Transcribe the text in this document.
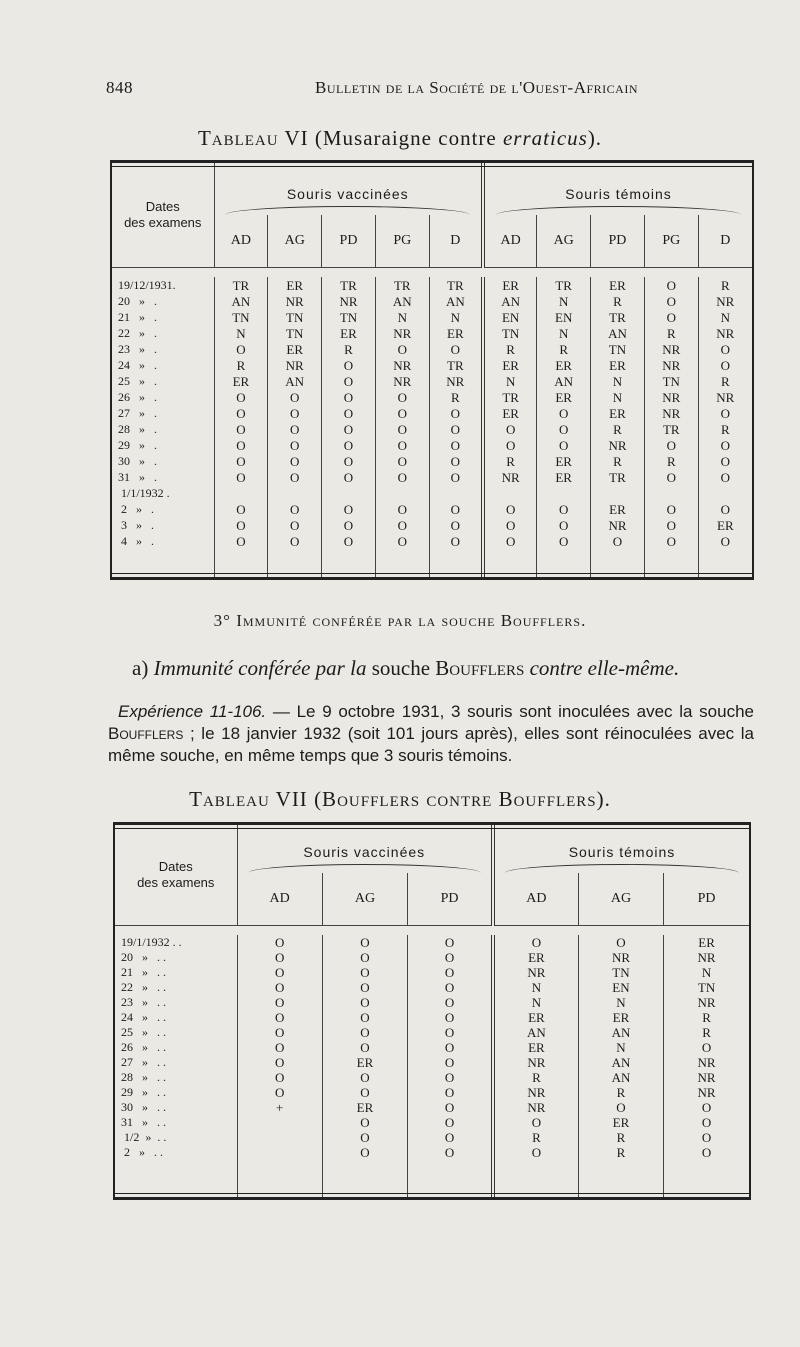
848	Bulletin de la Société de l'Ouest-Africain
Tableau VI (Musaraigne contre erraticus).
Dates
des examens	Souris vaccinées					Souris témoins				

	AD	AG	PD	PG	D	AD	AG	PD	PG	D

19/12/1931.	TR	ER	TR	TR	TR	ER	TR	ER	O	R
20   »   .	AN	NR	NR	AN	AN	AN	N	R	O	NR
21   »   .	TN	TN	TN	N	N	EN	EN	TR	O	N
22   »   .	N	TN	ER	NR	ER	TN	N	AN	R	NR
23   »   .	O	ER	R	O	O	R	R	TN	NR	O
24   »   .	R	NR	O	NR	TR	ER	ER	ER	NR	O
25   »   .	ER	AN	O	NR	NR	N	AN	N	TN	R
26   »   .	O	O	O	O	R	TR	ER	N	NR	NR
27   »   .	O	O	O	O	O	ER	O	ER	NR	O
28   »   .	O	O	O	O	O	O	O	R	TR	R
29   »   .	O	O	O	O	O	O	O	NR	O	O
30   »   .	O	O	O	O	O	R	ER	R	R	O
31   »   .	O	O	O	O	O	NR	ER	TR	O	O
1/1/1932 .										
2   »   .	O	O	O	O	O	O	O	ER	O	O
3   »   .	O	O	O	O	O	O	O	NR	O	ER
4   »   .	O	O	O	O	O	O	O	O	O	O

3° Immunité conférée par la souche Boufflers.
a) Immunité conférée par la souche Boufflers contre elle-même.
Expérience 11-106. — Le 9 octobre 1931, 3 souris sont inoculées avec la souche Boufflers ; le 18 janvier 1932 (soit 101 jours après), elles sont réinoculées avec la même souche, en même temps que 3 souris témoins.
Tableau VII (Boufflers contre Boufflers).
Dates
des examens	Souris vaccinées			Souris témoins		

	AD	AG	PD	AD	AG	PD

19/1/1932 . .	O	O	O	O	O	ER
20   »   . .	O	O	O	ER	NR	NR
21   »   . .	O	O	O	NR	TN	N
22   »   . .	O	O	O	N	EN	TN
23   »   . .	O	O	O	N	N	NR
24   »   . .	O	O	O	ER	ER	R
25   »   . .	O	O	O	AN	AN	R
26   »   . .	O	O	O	ER	N	O
27   »   . .	O	ER	O	NR	AN	NR
28   »   . .	O	O	O	R	AN	NR
29   »   . .	O	O	O	NR	R	NR
30   »   . .	+	ER	O	NR	O	O
31   »   . .		O	O	O	ER	O
1/2  »  . .		O	O	R	R	O
2   »   . .		O	O	O	R	O
